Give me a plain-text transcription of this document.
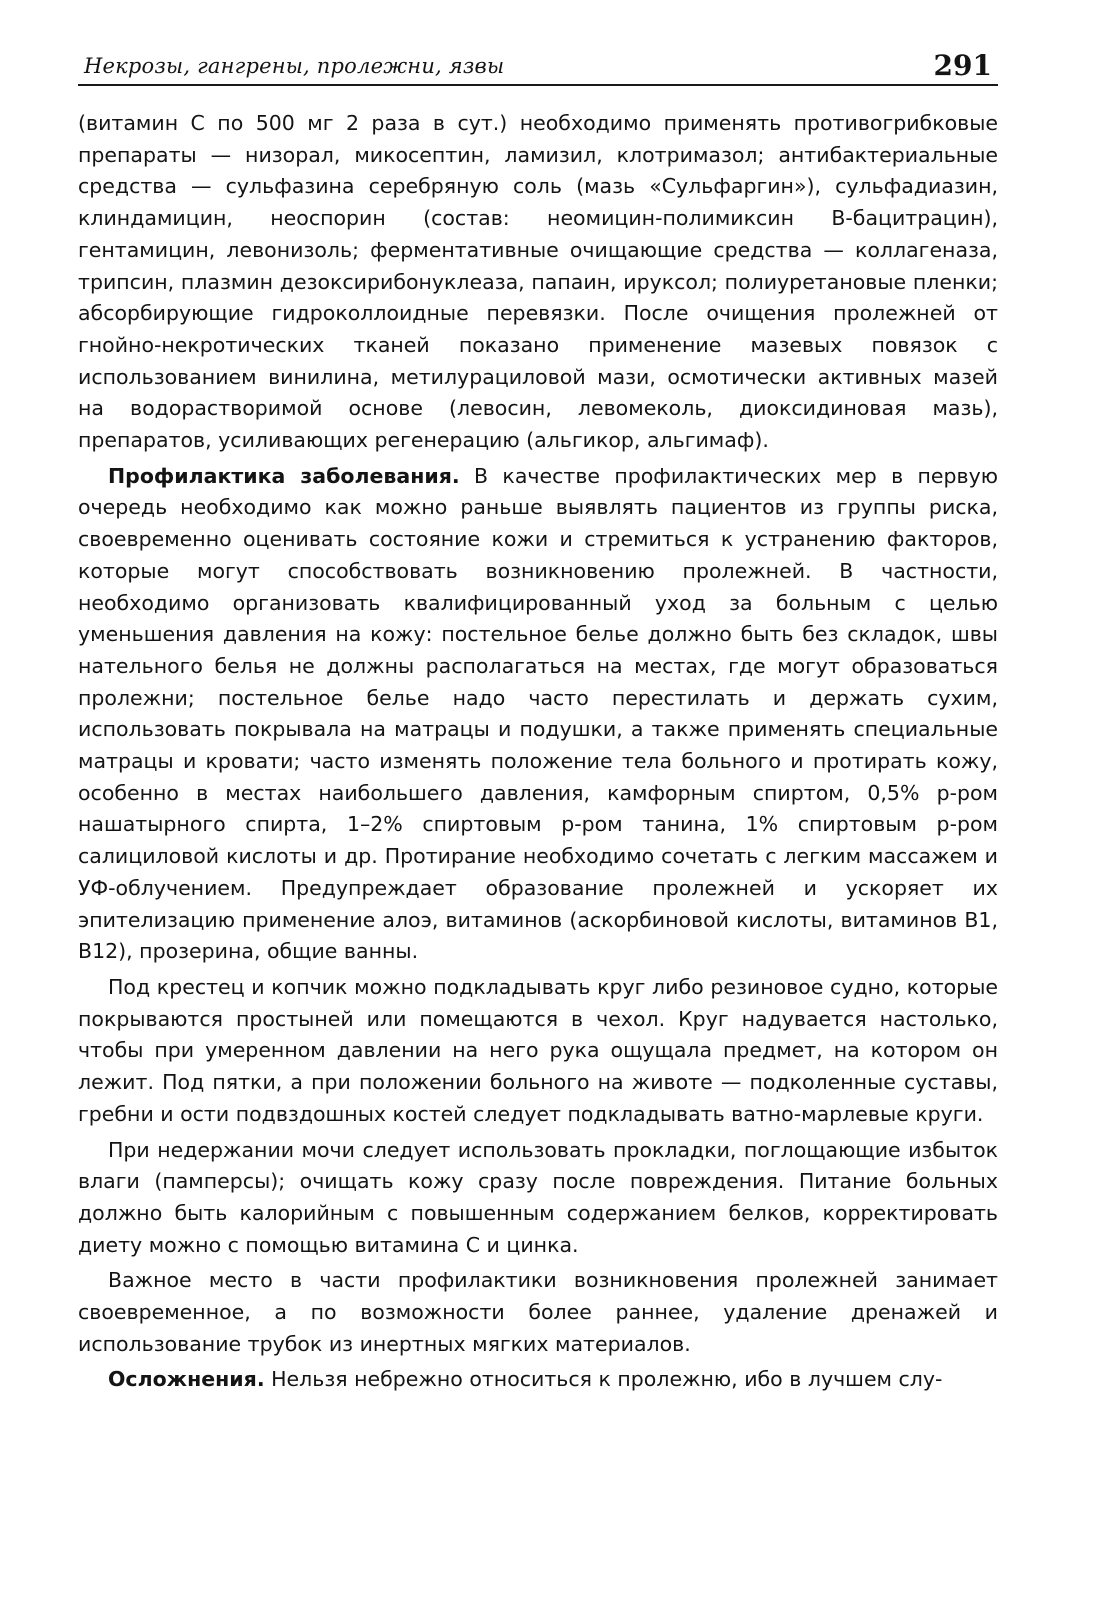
Некрозы, гангрены, пролежни, язвы	291

(витамин С по 500 мг 2 раза в сут.) необходимо применять противогрибковые препараты — низорал, микосептин, ламизил, клотримазол; антибактериальные средства — сульфазина серебряную соль (мазь «Сульфаргин»), сульфадиазин, клиндамицин, неоспорин (состав: неомицин-полимиксин В-бацитрацин), гентамицин, левонизоль; ферментативные очищающие средства — коллагеназа, трипсин, плазмин дезоксирибонуклеаза, папаин, ируксол; полиуретановые пленки; абсорбирующие гидроколлоидные перевязки. После очищения пролежней от гнойно-некротических тканей показано применение мазевых повязок с использованием винилина, метилурациловой мази, осмотически активных мазей на водорастворимой основе (левосин, левомеколь, диоксидиновая мазь), препаратов, усиливающих регенерацию (альгикор, альгимаф).

Профилактика заболевания. В качестве профилактических мер в первую очередь необходимо как можно раньше выявлять пациентов из группы риска, своевременно оценивать состояние кожи и стремиться к устранению факторов, которые могут способствовать возникновению пролежней. В частности, необходимо организовать квалифицированный уход за больным с целью уменьшения давления на кожу: постельное белье должно быть без складок, швы нательного белья не должны располагаться на местах, где могут образоваться пролежни; постельное белье надо часто перестилать и держать сухим, использовать покрывала на матрацы и подушки, а также применять специальные матрацы и кровати; часто изменять положение тела больного и протирать кожу, особенно в местах наибольшего давления, камфорным спиртом, 0,5% р-ром нашатырного спирта, 1–2% спиртовым р-ром танина, 1% спиртовым р-ром салициловой кислоты и др. Протирание необходимо сочетать с легким массажем и УФ-облучением. Предупреждает образование пролежней и ускоряет их эпителизацию применение алоэ, витаминов (аскорбиновой кислоты, витаминов В1, В12), прозерина, общие ванны.

Под крестец и копчик можно подкладывать круг либо резиновое судно, которые покрываются простыней или помещаются в чехол. Круг надувается настолько, чтобы при умеренном давлении на него рука ощущала предмет, на котором он лежит. Под пятки, а при положении больного на животе — подколенные суставы, гребни и ости подвздошных костей следует подкладывать ватно-марлевые круги.

При недержании мочи следует использовать прокладки, поглощающие избыток влаги (памперсы); очищать кожу сразу после повреждения. Питание больных должно быть калорийным с повышенным содержанием белков, корректировать диету можно с помощью витамина С и цинка.

Важное место в части профилактики возникновения пролежней занимает своевременное, а по возможности более раннее, удаление дренажей и использование трубок из инертных мягких материалов.

Осложнения. Нельзя небрежно относиться к пролежню, ибо в лучшем слу-
